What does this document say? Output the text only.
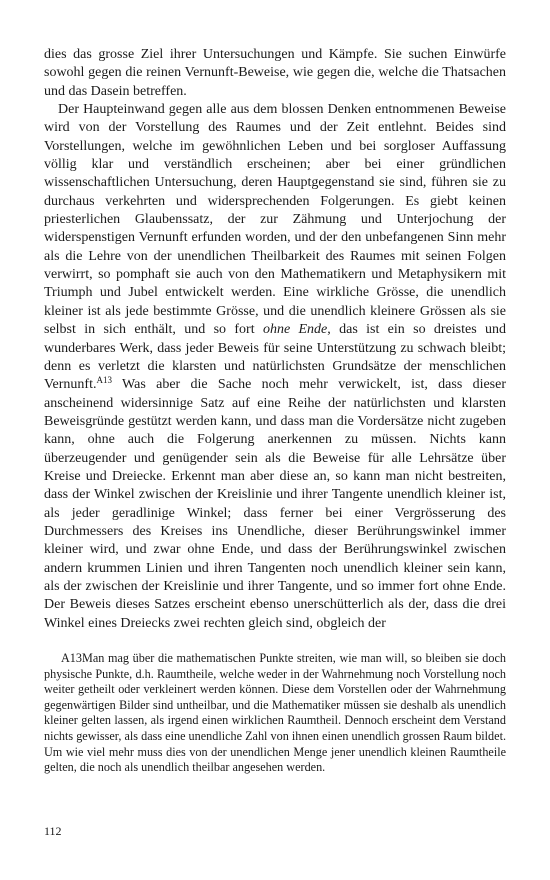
dies das grosse Ziel ihrer Untersuchungen und Kämpfe. Sie suchen Einwürfe sowohl gegen die reinen Vernunft-Beweise, wie gegen die, welche die Thatsachen und das Dasein betreffen.

Der Haupteinwand gegen alle aus dem blossen Denken entnommenen Beweise wird von der Vorstellung des Raumes und der Zeit entlehnt. Beides sind Vorstellungen, welche im gewöhnlichen Leben und bei sorgloser Auffassung völlig klar und verständlich erscheinen; aber bei einer gründlichen wissenschaftlichen Untersuchung, deren Hauptgegenstand sie sind, führen sie zu durchaus verkehrten und widersprechenden Folgerungen. Es giebt keinen priesterlichen Glaubenssatz, der zur Zähmung und Unterjochung der widerspenstigen Vernunft erfunden worden, und der den unbefangenen Sinn mehr als die Lehre von der unendlichen Theilbarkeit des Raumes mit seinen Folgen verwirrt, so pomphaft sie auch von den Mathematikern und Metaphysikern mit Triumph und Jubel entwickelt werden. Eine wirkliche Grösse, die unendlich kleiner ist als jede bestimmte Grösse, und die unendlich kleinere Grössen als sie selbst in sich enthält, und so fort ohne Ende, das ist ein so dreistes und wunderbares Werk, dass jeder Beweis für seine Unterstützung zu schwach bleibt; denn es verletzt die klarsten und natürlichsten Grundsätze der menschlichen Vernunft.$^{A13}$ Was aber die Sache noch mehr verwickelt, ist, dass dieser anscheinend widersinnige Satz auf eine Reihe der natürlichsten und klarsten Beweisgründe gestützt werden kann, und dass man die Vordersätze nicht zugeben kann, ohne auch die Folgerung anerkennen zu müssen. Nichts kann überzeugender und genügender sein als die Beweise für alle Lehrsätze über Kreise und Dreiecke. Erkennt man aber diese an, so kann man nicht bestreiten, dass der Winkel zwischen der Kreislinie und ihrer Tangente unendlich kleiner ist, als jeder geradlinige Winkel; dass ferner bei einer Vergrösserung des Durchmessers des Kreises ins Unendliche, dieser Berührungswinkel immer kleiner wird, und zwar ohne Ende, und dass der Berührungswinkel zwischen andern krummen Linien und ihren Tangenten noch unendlich kleiner sein kann, als der zwischen der Kreislinie und ihrer Tangente, und so immer fort ohne Ende. Der Beweis dieses Satzes erscheint ebenso unerschütterlich als der, dass die drei Winkel eines Dreiecks zwei rechten gleich sind, obgleich der

A13Man mag über die mathematischen Punkte streiten, wie man will, so bleiben sie doch physische Punkte, d.h. Raumtheile, welche weder in der Wahrnehmung noch Vorstellung noch weiter getheilt oder verkleinert werden können. Diese dem Vorstellen oder der Wahrnehmung gegenwärtigen Bilder sind untheilbar, und die Mathematiker müssen sie deshalb als unendlich kleiner gelten lassen, als irgend einen wirklichen Raumtheil. Dennoch erscheint dem Verstand nichts gewisser, als dass eine unendliche Zahl von ihnen einen unendlich grossen Raum bildet. Um wie viel mehr muss dies von der unendlichen Menge jener unendlich kleinen Raumtheile gelten, die noch als unendlich theilbar angesehen werden.
112
